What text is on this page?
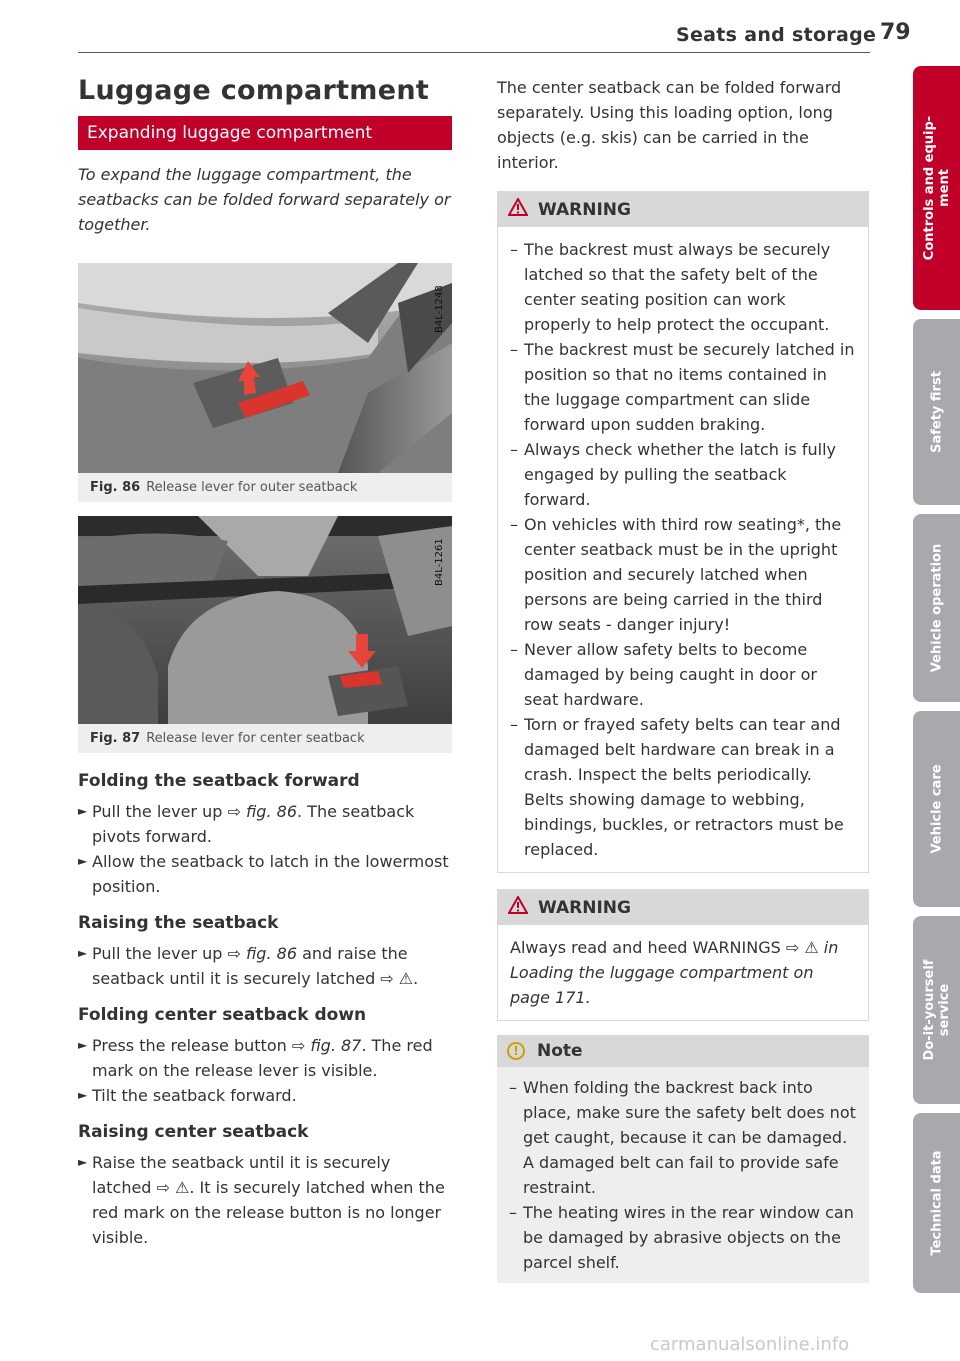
Seats and storage 79
Luggage compartment
Expanding luggage compartment

To expand the luggage compartment, the seatbacks can be folded forward separately or together.

B4L-1248
Fig. 86 Release lever for outer seatback
B4L-1261
Fig. 87 Release lever for center seatback
Folding the seatback forward
► Pull the lever up ⇨ fig. 86. The seatback pivots forward.
► Allow the seatback to latch in the lowermost position.
Raising the seatback
► Pull the lever up ⇨ fig. 86 and raise the seatback until it is securely latched ⇨ ⚠.
Folding center seatback down
► Press the release button ⇨ fig. 87. The red mark on the release lever is visible.
► Tilt the seatback forward.
Raising center seatback
► Raise the seatback until it is securely latched ⇨ ⚠. It is securely latched when the red mark on the release button is no longer visible.

The center seatback can be folded forward separately. Using this loading option, long objects (e.g. skis) can be carried in the interior.

WARNING
– The backrest must always be securely latched so that the safety belt of the center seating position can work properly to help protect the occupant.
– The backrest must be securely latched in position so that no items contained in the luggage compartment can slide forward upon sudden braking.
– Always check whether the latch is fully engaged by pulling the seatback forward.
– On vehicles with third row seating*, the center seatback must be in the upright position and securely latched when persons are being carried in the third row seats - danger injury!
– Never allow safety belts to become damaged by being caught in door or seat hardware.
– Torn or frayed safety belts can tear and damaged belt hardware can break in a crash. Inspect the belts periodically. Belts showing damage to webbing, bindings, buckles, or retractors must be replaced.
WARNING

Always read and heed WARNINGS ⇨ ⚠ in Loading the luggage compartment on page 171.

!	Note
– When folding the backrest back into place, make sure the safety belt does not get caught, because it can be damaged. A damaged belt can fail to provide safe restraint.
– The heating wires in the rear window can be damaged by abrasive objects on the parcel shelf.
Controls and equip-
ment
Safety first
Vehicle operation
Vehicle care
Do-it-yourself
service
Technical data
carmanualsonline.info
